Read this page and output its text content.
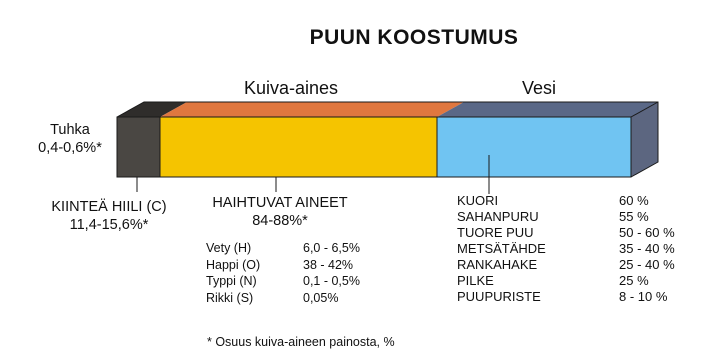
PUUN KOOSTUMUS
Kuiva-aines	Vesi
Tuhka
0,4-0,6%*
KIINTEÄ HIILI (C)
11,4-15,6%*
HAIHTUVAT AINEET
84-88%*
Vety (H)	6,0 - 6,5%
Happi (O)	38 - 42%
Typpi (N)	0,1 - 0,5%
Rikki (S)	0,05%
KUORI	60 %
SAHANPURU	55 %
TUORE PUU	50 - 60 %
METSÄTÄHDE	35 - 40 %
RANKAHAKE	25 - 40 %
PILKE	25 %
PUUPURISTE	8 - 10 %
* Osuus kuiva-aineen painosta, %
